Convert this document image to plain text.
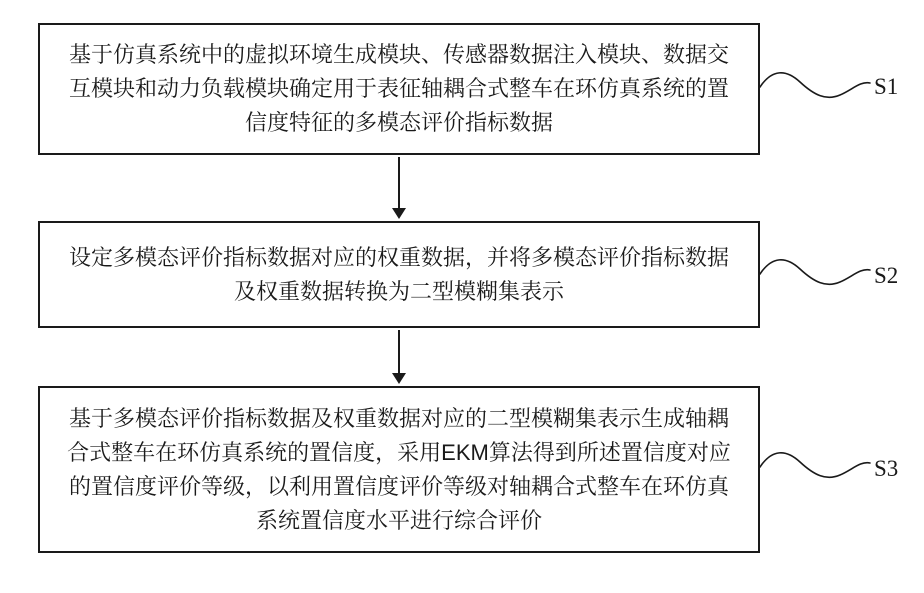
基于仿真系统中的虚拟环境生成模块、传感器数据注入模块、数据交
互模块和动力负载模块确定用于表征轴耦合式整车在环仿真系统的置
信度特征的多模态评价指标数据
设定多模态评价指标数据对应的权重数据，并将多模态评价指标数据
及权重数据转换为二型模糊集表示
基于多模态评价指标数据及权重数据对应的二型模糊集表示生成轴耦
合式整车在环仿真系统的置信度，采用EKM算法得到所述置信度对应
的置信度评价等级，以利用置信度评价等级对轴耦合式整车在环仿真
系统置信度水平进行综合评价
S1
S2
S3
